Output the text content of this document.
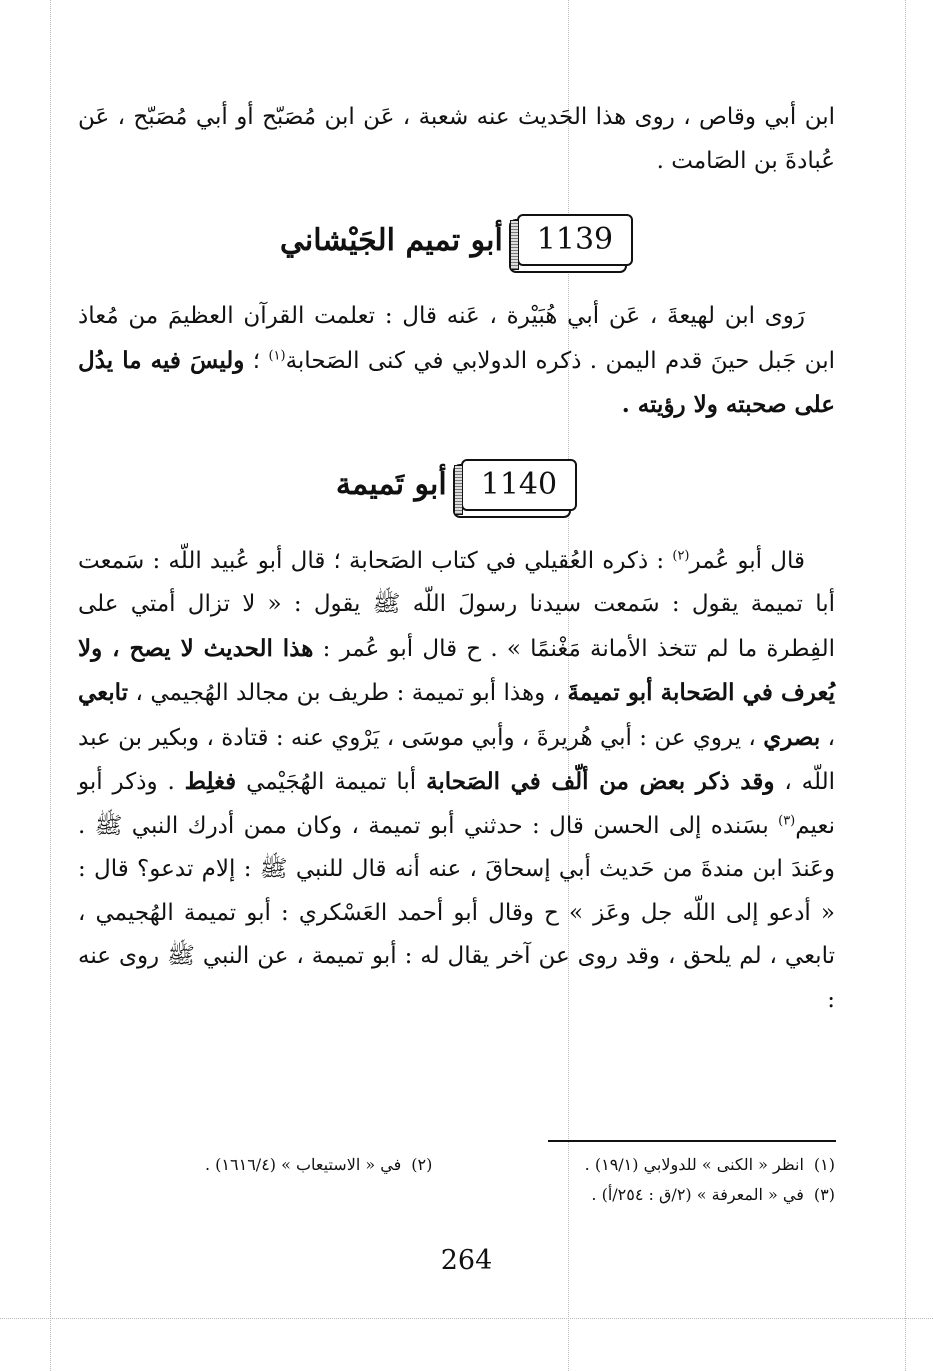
ابن أبي وقاص ، روى هذا الحَديث عنه شعبة ، عَن ابن مُصَبّح أو أبي مُصَبّح ، عَن عُبادةَ بن الصَامت .

1139
أبو تميم الجَيْشاني

رَوى ابن لهيعةَ ، عَن أبي هُبَيْرة ، عَنه قال : تعلمت القرآن العظيمَ من مُعاذ ابن جَبل حينَ قدم اليمن . ذكره الدولابي في كنى الصَحابة$^{(١)}$ ؛ وليسَ فيه ما يدُل على صحبته ولا رؤيته .

1140
أبو تَميمة

قال أبو عُمر$^{(٢)}$ : ذكره العُقيلي في كتاب الصَحابة ؛ قال أبو عُبيد اللّه : سَمعت أبا تميمة يقول : سَمعت سيدنا رسولَ اللّه ﷺ يقول : « لا تزال أمتي على الفِطرة ما لم تتخذ الأمانة مَغْنمًا » . ح قال أبو عُمر : هذا الحديث لا يصح ، ولا يُعرف في الصَحابة أبو تميمةَ ، وهذا أبو تميمة : طريف بن مجالد الهُجيمي ، تابعي ، بصري ، يروي عن : أبي هُريرةَ ، وأبي موسَى ، يَرْوي عنه : قتادة ، وبكير بن عبد اللّه ، وقد ذكر بعض من ألّف في الصَحابة أبا تميمة الهُجَيْمي فغلِط . وذكر أبو نعيم$^{(٣)}$ بسَنده إلى الحسن قال : حدثني أبو تميمة ، وكان ممن أدرك النبي ﷺ . وعَندَ ابن مندةَ من حَديث أبي إسحاقَ ، عنه أنه قال للنبي ﷺ : إلام تدعو؟ قال : « أدعو إلى اللّه جل وعَز » ح وقال أبو أحمد العَسْكري : أبو تميمة الهُجيمي ، تابعي ، لم يلحق ، وقد روى عن آخر يقال له : أبو تميمة ، عن النبي ﷺ روى عنه :

(١)انظر « الكنى » للدولابي (١٩/١) .
(٢)في « الاستيعاب » (١٦١٦/٤) .
(٣)في « المعرفة » (٢/ق : ٢٥٤/أ) .
264
